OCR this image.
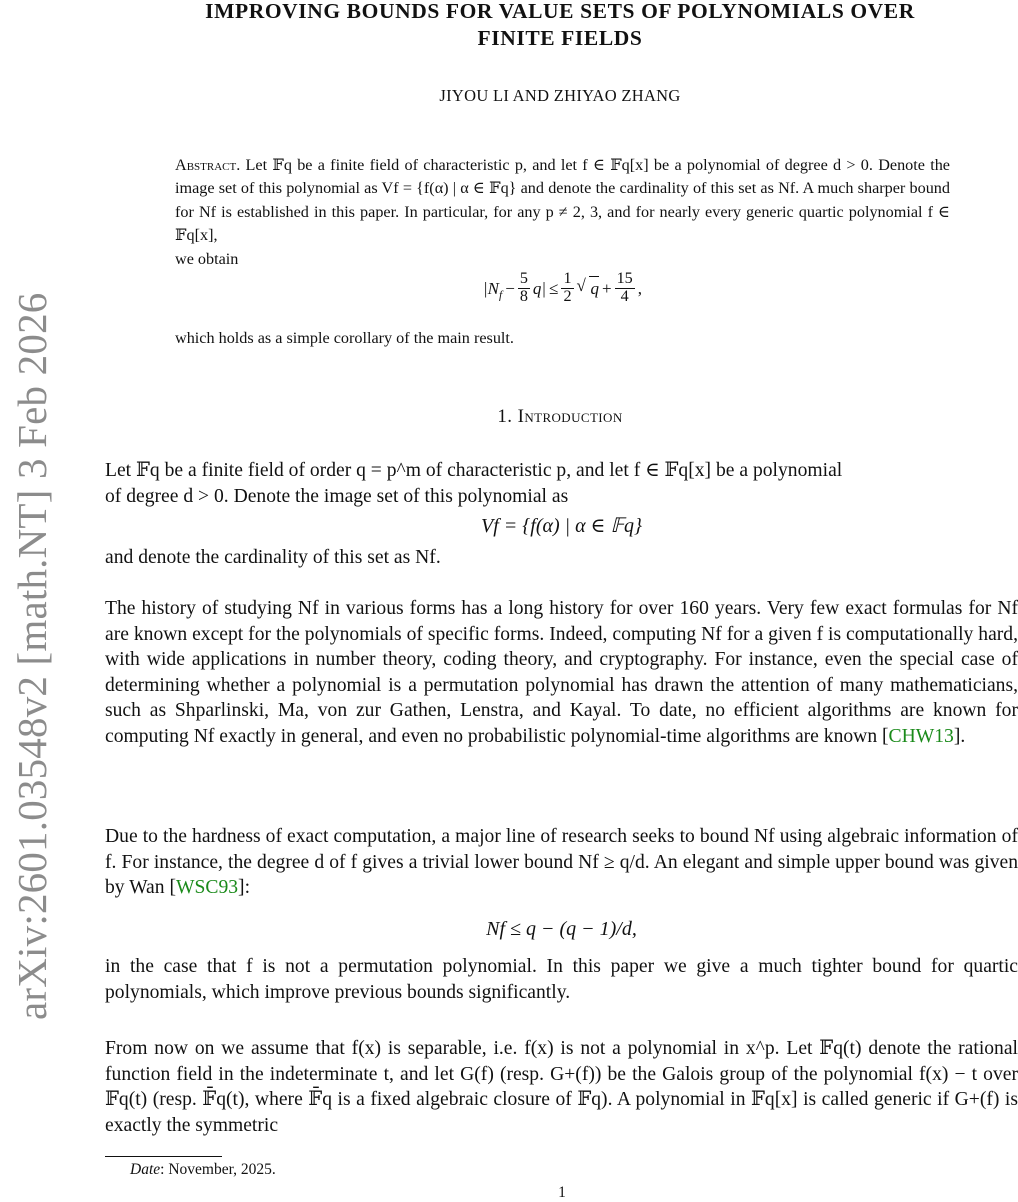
arXiv:2601.03548v2 [math.NT] 3 Feb 2026
IMPROVING BOUNDS FOR VALUE SETS OF POLYNOMIALS OVER
FINITE FIELDS
JIYOU LI AND ZHIYAO ZHANG
Abstract. Let 𝔽q be a finite field of characteristic p, and let f ∈ 𝔽q[x] be a polynomial of degree d > 0. Denote the image set of this polynomial as Vf = {f(α) | α ∈ 𝔽q} and denote the cardinality of this set as Nf. A much sharper bound for Nf is established in this paper. In particular, for any p ≠ 2, 3, and for nearly every generic quartic polynomial f ∈ 𝔽q[x],
we obtain
$|N_f - \frac{5}{8} q| \le \frac{1}{2}$ √ $q + \frac{15}{4}$ ,
which holds as a simple corollary of the main result.
1. Introduction
Let 𝔽q be a finite field of order q = p^m of characteristic p, and let f ∈ 𝔽q[x] be a polynomial
of degree d > 0. Denote the image set of this polynomial as
Vf = {f(α) | α ∈ 𝔽q}
and denote the cardinality of this set as Nf.
The history of studying Nf in various forms has a long history for over 160 years. Very few exact formulas for Nf are known except for the polynomials of specific forms. Indeed, computing Nf for a given f is computationally hard, with wide applications in number theory, coding theory, and cryptography. For instance, even the special case of determining whether a polynomial is a permutation polynomial has drawn the attention of many mathematicians, such as Shparlinski, Ma, von zur Gathen, Lenstra, and Kayal. To date, no efficient algorithms are known for computing Nf exactly in general, and even no probabilistic polynomial-time algorithms are known [CHW13].
Due to the hardness of exact computation, a major line of research seeks to bound Nf using algebraic information of f. For instance, the degree d of f gives a trivial lower bound Nf ≥ q/d. An elegant and simple upper bound was given by Wan [WSC93]:
Nf ≤ q − (q − 1)/d,
in the case that f is not a permutation polynomial. In this paper we give a much tighter bound for quartic polynomials, which improve previous bounds significantly.
From now on we assume that f(x) is separable, i.e. f(x) is not a polynomial in x^p. Let 𝔽q(t) denote the rational function field in the indeterminate t, and let G(f) (resp. G+(f)) be the Galois group of the polynomial f(x) − t over 𝔽q(t) (resp. 𝔽̄q(t), where 𝔽̄q is a fixed algebraic closure of 𝔽q). A polynomial in 𝔽q[x] is called generic if G+(f) is exactly the symmetric
Date: November, 2025.
1
